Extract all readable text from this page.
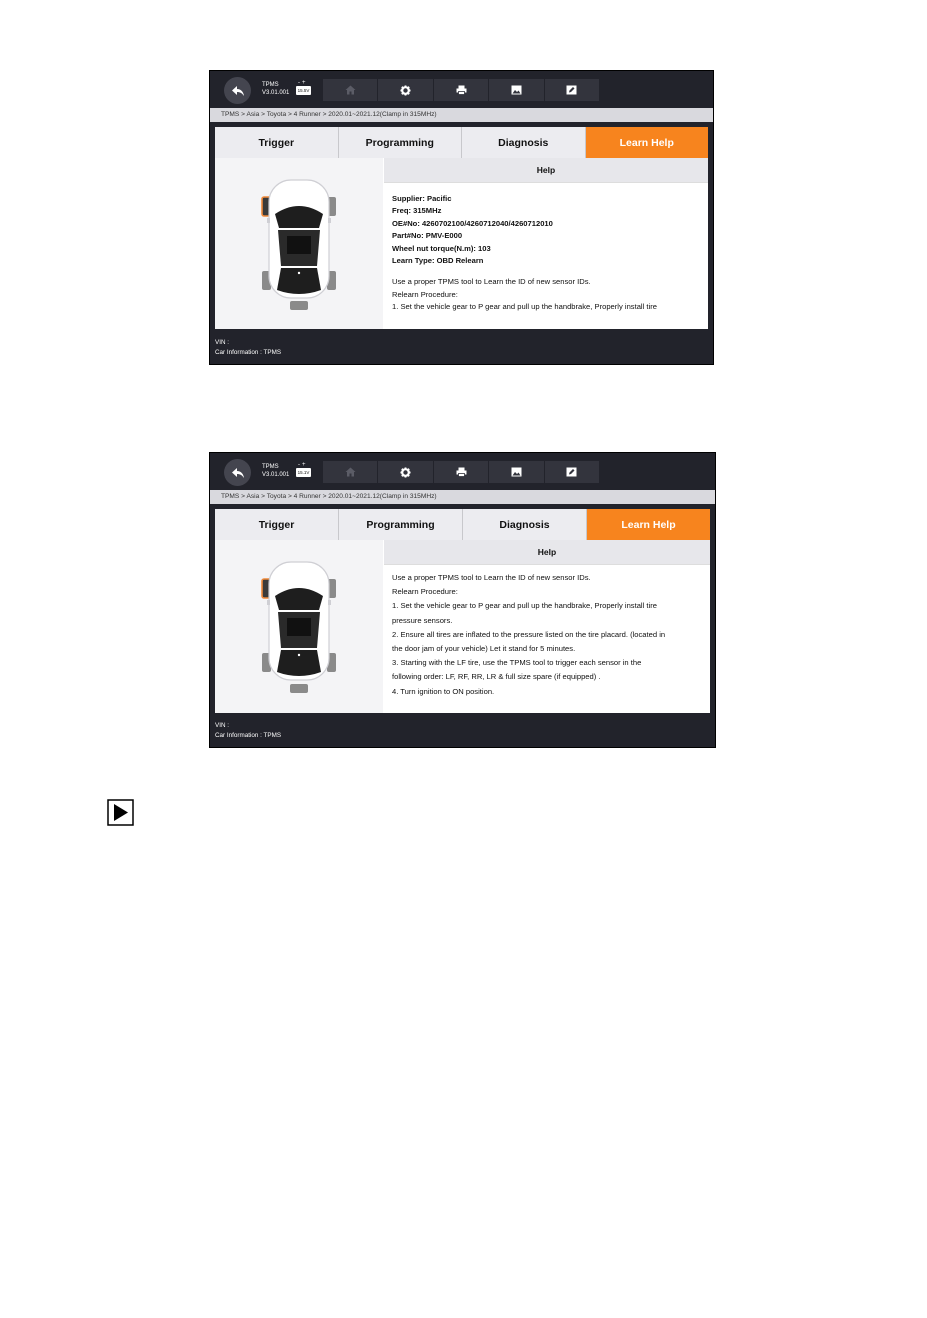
TPMS
V3.01.001
-+
15.5V
TPMS > Asia > Toyota > 4 Runner > 2020.01~2021.12(Clamp in 315MHz)
Trigger	Programming	Diagnosis	Learn Help
Help
Supplier: Pacific
Freq: 315MHz
OE#No: 4260702100/4260712040/4260712010
Part#No: PMV-E000
Wheel nut torque(N.m): 103
Learn Type: OBD Relearn
Use a proper TPMS tool to Learn the ID of new sensor IDs.
Relearn Procedure:
1. Set the vehicle gear to P gear and pull up the handbrake, Properly install tire
VIN :
Car Information : TPMS
TPMS
V3.01.001
-+
15.1V
TPMS > Asia > Toyota > 4 Runner > 2020.01~2021.12(Clamp in 315MHz)
Trigger	Programming	Diagnosis	Learn Help
Help
Use a proper TPMS tool to Learn the ID of new sensor IDs.
Relearn Procedure:
1. Set the vehicle gear to P gear and pull up the handbrake, Properly install tire
pressure sensors.
2. Ensure all tires are inflated to the pressure listed on the tire placard. (located in
the door jam of your vehicle) Let it stand for 5 minutes.
3. Starting with the LF tire, use the TPMS tool to trigger each sensor in the
following order: LF, RF, RR, LR & full size spare (if equipped) .
4. Turn ignition to ON position.
VIN :
Car Information : TPMS
